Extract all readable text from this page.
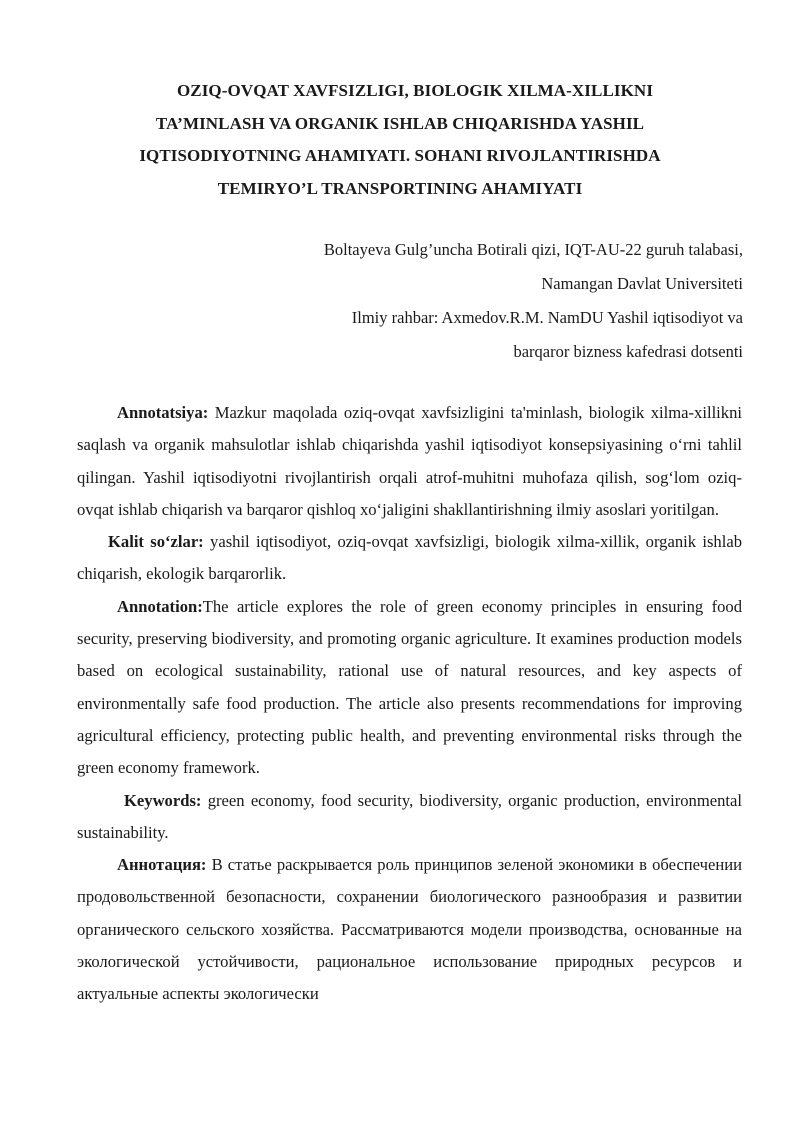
OZIQ-OVQAT XAVFSIZLIGI, BIOLOGIK XILMA-XILLIKNI
TA’MINLASH VA ORGANIK ISHLAB CHIQARISHDA YASHIL
IQTISODIYOTNING AHAMIYATI. SOHANI RIVOJLANTIRISHDA
TEMIRYO’L TRANSPORTINING AHAMIYATI
Boltayeva Gulg’uncha Botirali qizi, IQT-AU-22 guruh talabasi,
Namangan Davlat Universiteti
Ilmiy rahbar: Axmedov.R.M. NamDU Yashil iqtisodiyot va
barqaror bizness kafedrasi dotsenti

Annotatsiya: Mazkur maqolada oziq-ovqat xavfsizligini ta'minlash, biologik xilma-xillikni saqlash va organik mahsulotlar ishlab chiqarishda yashil iqtisodiyot konsepsiyasining oʻrni tahlil qilingan. Yashil iqtisodiyotni rivojlantirish orqali atrof-muhitni muhofaza qilish, sogʻlom oziq-ovqat ishlab chiqarish va barqaror qishloq xoʻjaligini shakllantirishning ilmiy asoslari yoritilgan.

Kalit soʻzlar: yashil iqtisodiyot, oziq-ovqat xavfsizligi, biologik xilma-xillik, organik ishlab chiqarish, ekologik barqarorlik.

Annotation:The article explores the role of green economy principles in ensuring food security, preserving biodiversity, and promoting organic agriculture. It examines production models based on ecological sustainability, rational use of natural resources, and key aspects of environmentally safe food production. The article also presents recommendations for improving agricultural efficiency, protecting public health, and preventing environmental risks through the green economy framework.

Keywords: green economy, food security, biodiversity, organic production, environmental sustainability.

Аннотация: В статье раскрывается роль принципов зеленой экономики в обеспечении продовольственной безопасности, сохранении биологического разнообразия и развитии органического сельского хозяйства. Рассматриваются модели производства, основанные на экологической устойчивости, рациональное использование природных ресурсов и актуальные аспекты экологически
